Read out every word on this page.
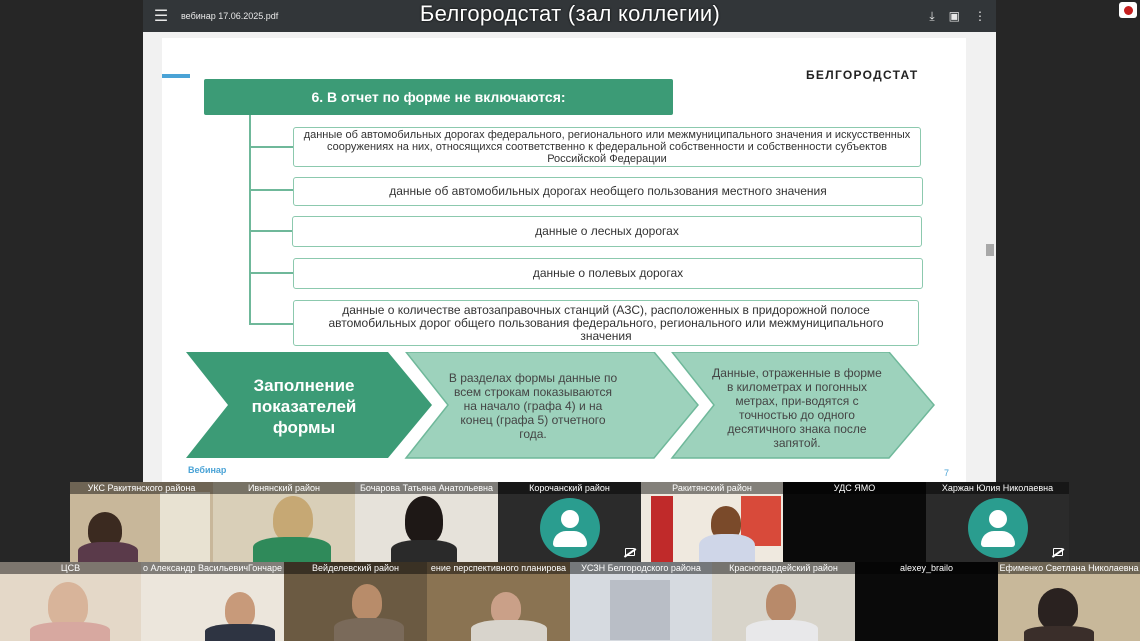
☰	вебинар 17.06.2025.pdf	⤓ ▣ ⋮
БЕЛГОРОДСТАТ
6. В отчет по форме не включаются:
данные об автомобильных дорогах федерального, регионального или межмуниципального значения и искусственных сооружениях на них, относящихся соответственно к федеральной собственности и собственности субъектов Российской Федерации
данные об автомобильных дорогах необщего пользования местного значения
данные о лесных дорогах
данные о полевых дорогах
данные о количестве автозаправочных станций (АЗС), расположенных в придорожной полосе автомобильных дорог общего пользования федерального, регионального или межмуниципального значения
Заполнение показателей формы
В разделах формы данные по всем строкам показываются на начало (графа 4) и на конец (графа 5) отчетного года.
Данные, отраженные в форме в километрах и погонных метрах, при-водятся с точностью до одного десятичного знака после запятой.
Вебинар	7
Белгородстат (зал коллегии)
УКС Ракитянского района	Ивнянский район	Бочарова Татьяна Анатольевна	Корочанский район	Ракитянский район	УДС ЯМО	Харжан Юлия Николаевна
ЦСВ	о Александр ВасильевичГончаре	Вейделевский район	ение перспективного планирова	УСЗН Белгородского района	Красногвардейский район	alexey_brailo	Ефименко Светлана Николаевна
